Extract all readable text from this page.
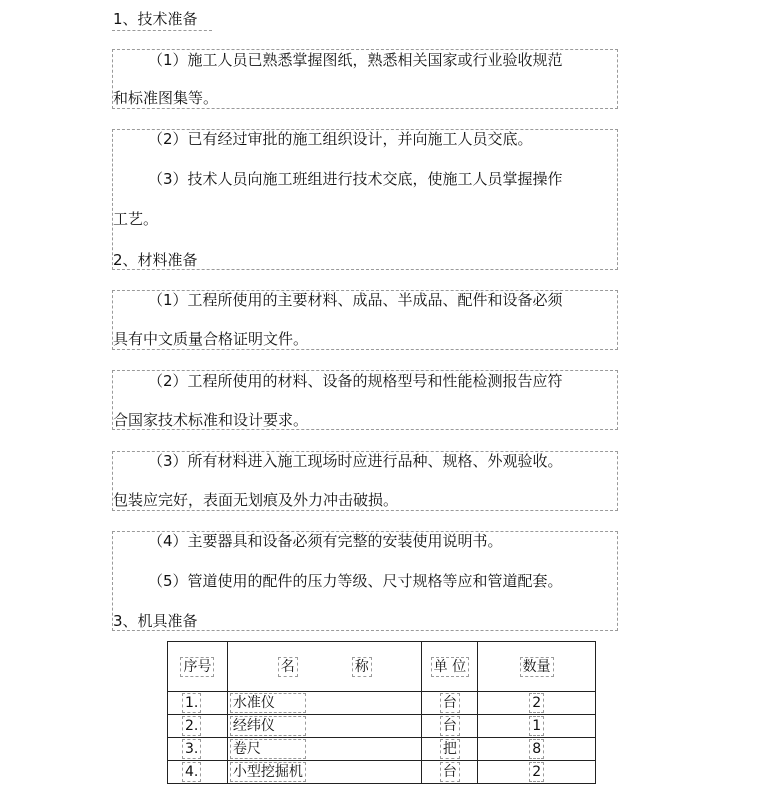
1、技术准备
（1）施工人员已熟悉掌握图纸，熟悉相关国家或行业验收规范
和标准图集等。
（2）已有经过审批的施工组织设计，并向施工人员交底。
（3）技术人员向施工班组进行技术交底，使施工人员掌握操作
工艺。
2、材料准备
（1）工程所使用的主要材料、成品、半成品、配件和设备必须
具有中文质量合格证明文件。
（2）工程所使用的材料、设备的规格型号和性能检测报告应符
合国家技术标准和设计要求。
（3）所有材料进入施工现场时应进行品种、规格、外观验收。
包装应完好，表面无划痕及外力冲击破损。
（4）主要器具和设备必须有完整的安装使用说明书。
（5）管道使用的配件的压力等级、尺寸规格等应和管道配套。
3、机具准备
序号	名 称	单 位	数量
1.	水准仪	台	2
2.	经纬仪	台	1
3.	卷尺	把	8
4.	小型挖掘机	台	2
